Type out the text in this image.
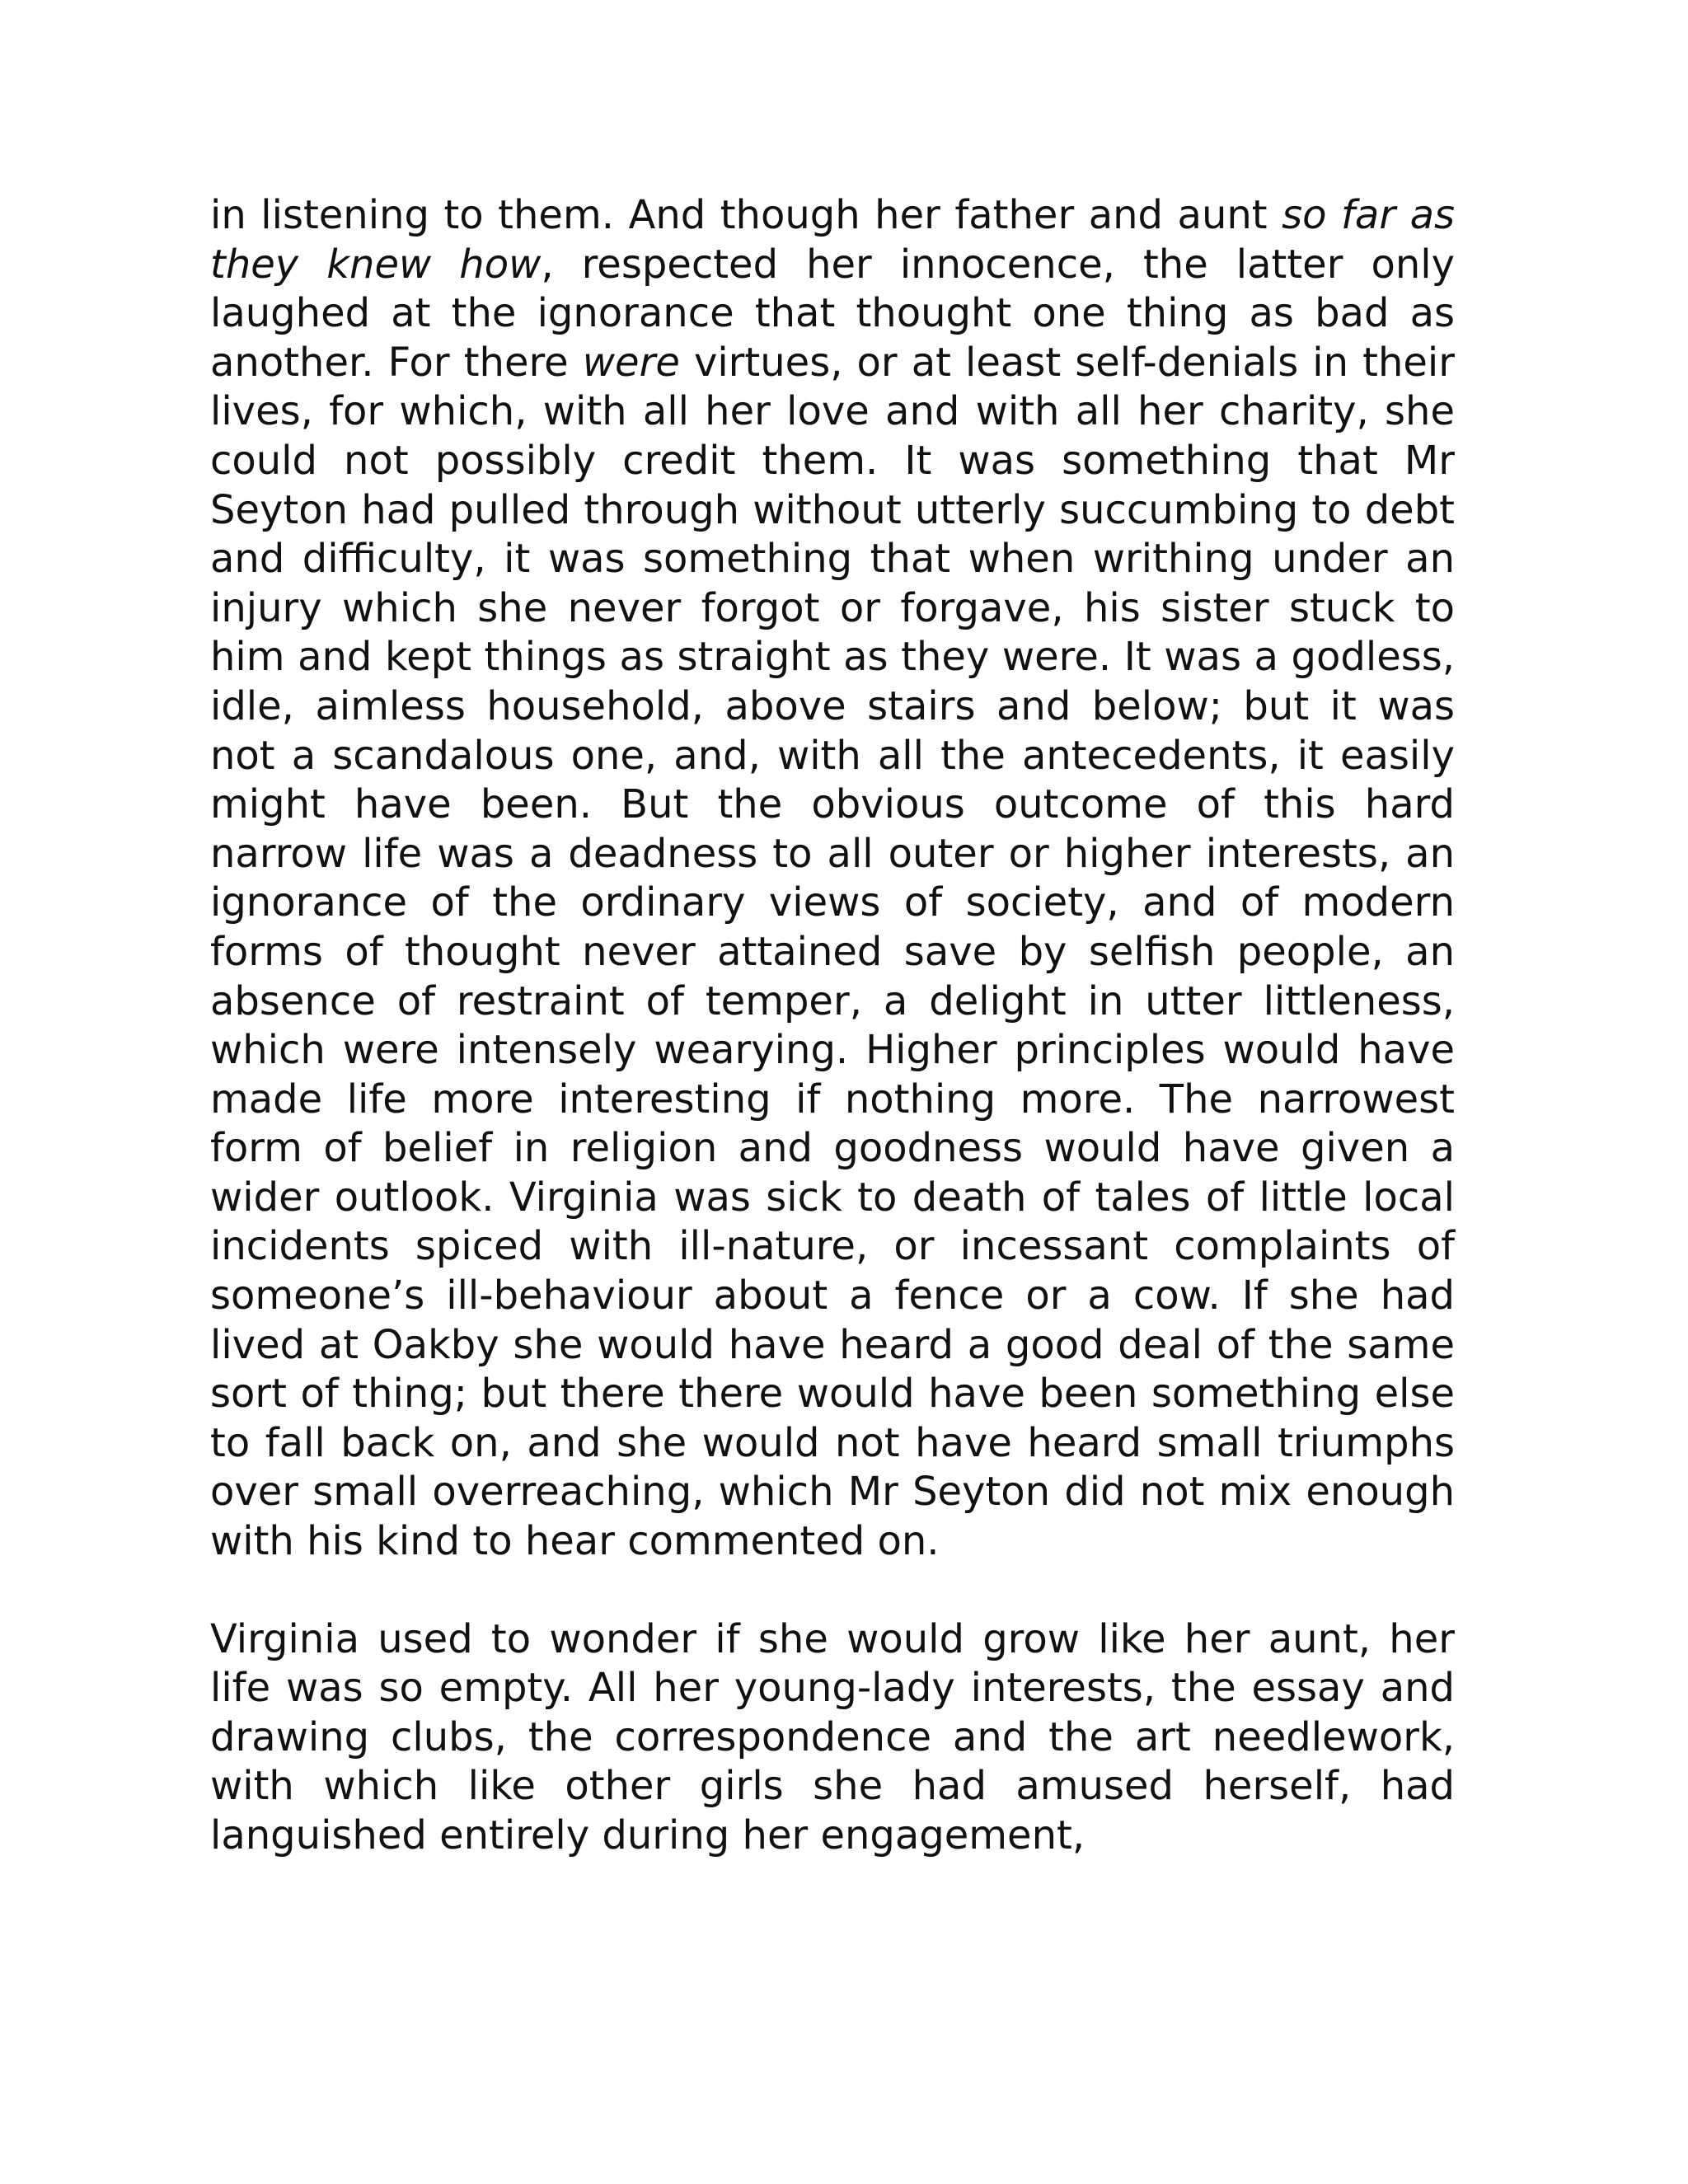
in listening to them. And though her father and aunt so far as they knew how, respected her innocence, the latter only laughed at the ignorance that thought one thing as bad as another. For there were virtues, or at least self-denials in their lives, for which, with all her love and with all her charity, she could not possibly credit them. It was something that Mr Seyton had pulled through without utterly succumbing to debt and difficulty, it was something that when writhing under an injury which she never forgot or forgave, his sister stuck to him and kept things as straight as they were. It was a godless, idle, aimless household, above stairs and below; but it was not a scandalous one, and, with all the antecedents, it easily might have been. But the obvious outcome of this hard narrow life was a deadness to all outer or higher interests, an ignorance of the ordinary views of society, and of modern forms of thought never attained save by selfish people, an absence of restraint of temper, a delight in utter littleness, which were intensely wearying. Higher principles would have made life more interesting if nothing more. The narrowest form of belief in religion and goodness would have given a wider outlook. Virginia was sick to death of tales of little local incidents spiced with ill-nature, or incessant complaints of someone’s ill-behaviour about a fence or a cow. If she had lived at Oakby she would have heard a good deal of the same sort of thing; but there there would have been something else to fall back on, and she would not have heard small triumphs over small overreaching, which Mr Seyton did not mix enough with his kind to hear commented on.

Virginia used to wonder if she would grow like her aunt, her life was so empty. All her young-lady interests, the essay and drawing clubs, the correspondence and the art needlework, with which like other girls she had amused herself, had languished entirely during her engagement,
